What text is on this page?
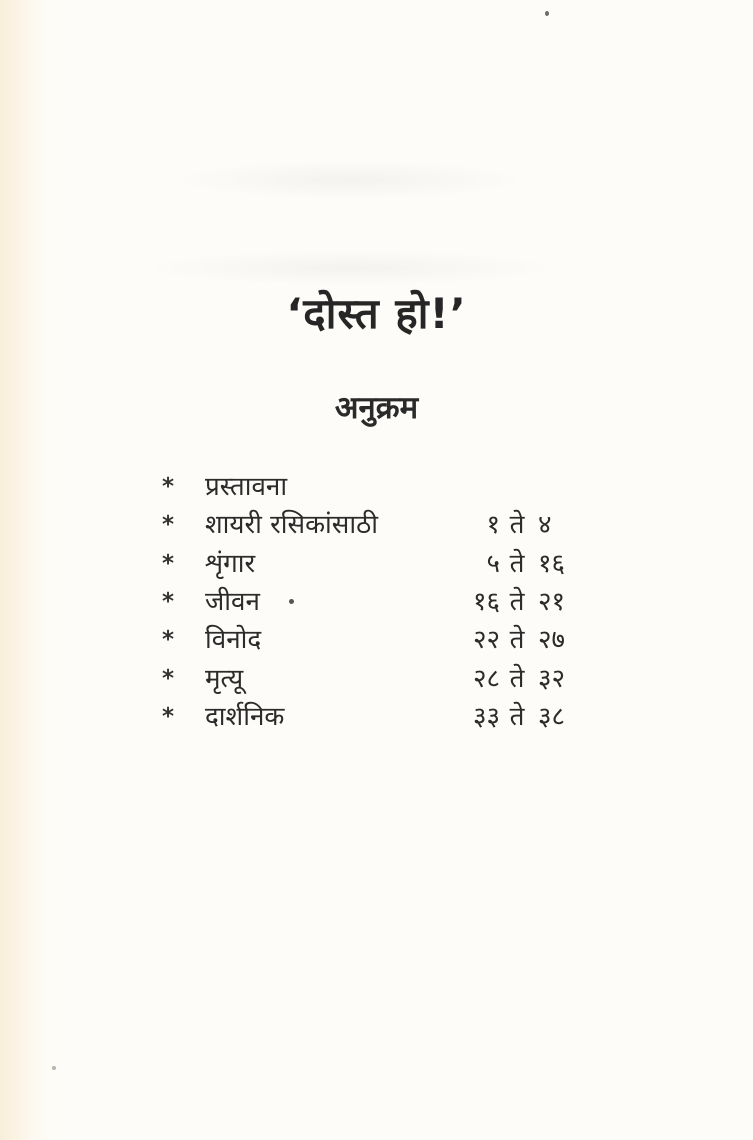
‘दोस्त हो!’
अनुक्रम
*	प्रस्तावना
*	शायरी रसिकांसाठी	१ ते ४
*	शृंगार	५ ते १६
*	जीवन	१६ ते २१
*	विनोद	२२ ते २७
*	मृत्यू	२८ ते ३२
*	दार्शनिक	३३ ते ३८
